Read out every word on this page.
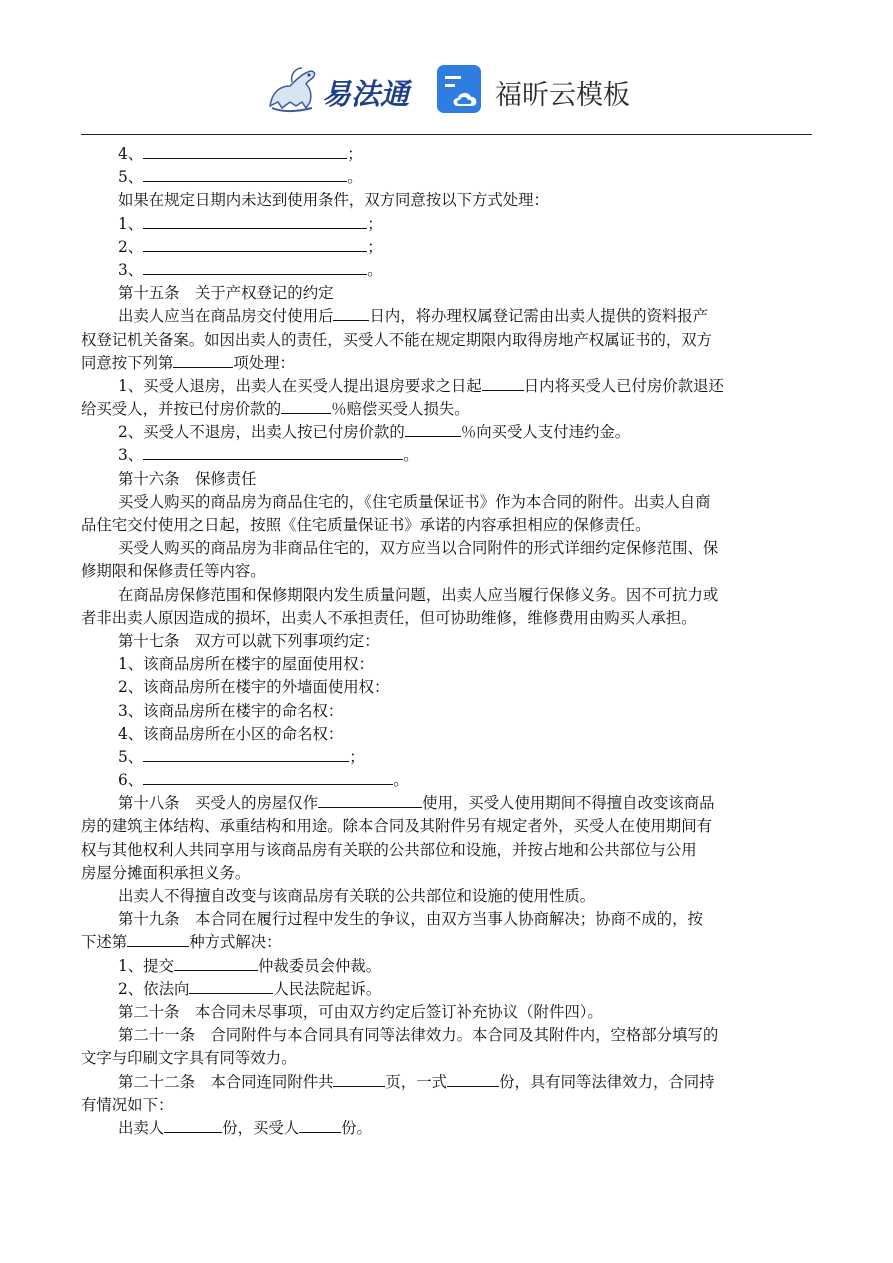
易法通	福昕云模板
4、	；
5、	。
如果在规定日期内未达到使用条件，双方同意按以下方式处理：
1、	；
2、	；
3、	。
第十五条　关于产权登记的约定
出卖人应当在商品房交付使用后 日内，将办理权属登记需由出卖人提供的资料报产
权登记机关备案。如因出卖人的责任，买受人不能在规定期限内取得房地产权属证书的，双方
同意按下列第	项处理：
1、买受人退房，出卖人在买受人提出退房要求之日起	日内将买受人已付房价款退还
给买受人，并按已付房价款的	％赔偿买受人损失。
2、买受人不退房，出卖人按已付房价款的	％向买受人支付违约金。
3、	。
第十六条　保修责任
买受人购买的商品房为商品住宅的，《住宅质量保证书》作为本合同的附件。出卖人自商
品住宅交付使用之日起，按照《住宅质量保证书》承诺的内容承担相应的保修责任。
买受人购买的商品房为非商品住宅的，双方应当以合同附件的形式详细约定保修范围、保
修期限和保修责任等内容。
在商品房保修范围和保修期限内发生质量问题，出卖人应当履行保修义务。因不可抗力或
者非出卖人原因造成的损坏，出卖人不承担责任，但可协助维修，维修费用由购买人承担。
第十七条　双方可以就下列事项约定：
1、该商品房所在楼宇的屋面使用权：
2、该商品房所在楼宇的外墙面使用权：
3、该商品房所在楼宇的命名权：
4、该商品房所在小区的命名权：
5、	；
6、	。
第十八条　买受人的房屋仅作	使用，买受人使用期间不得擅自改变该商品
房的建筑主体结构、承重结构和用途。除本合同及其附件另有规定者外，买受人在使用期间有
权与其他权利人共同享用与该商品房有关联的公共部位和设施，并按占地和公共部位与公用
房屋分摊面积承担义务。
出卖人不得擅自改变与该商品房有关联的公共部位和设施的使用性质。
第十九条　本合同在履行过程中发生的争议，由双方当事人协商解决；协商不成的，按
下述第	种方式解决：
1、提交	仲裁委员会仲裁。
2、依法向	人民法院起诉。
第二十条　本合同未尽事项，可由双方约定后签订补充协议（附件四）。
第二十一条　合同附件与本合同具有同等法律效力。本合同及其附件内，空格部分填写的
文字与印刷文字具有同等效力。
第二十二条　本合同连同附件共	页，一式	份，具有同等法律效力，合同持
有情况如下：
出卖人	份，买受人	份。
